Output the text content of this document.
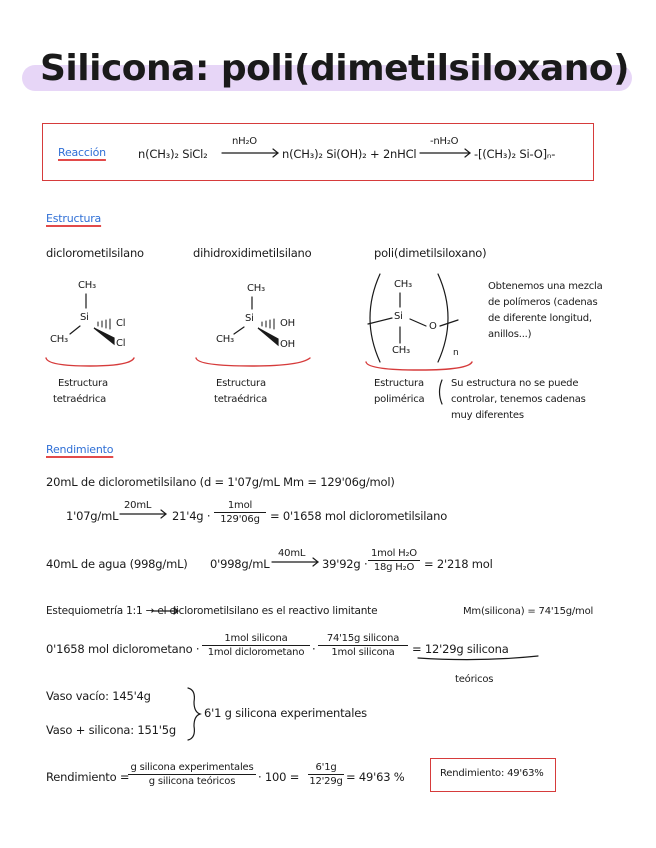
Silicona: poli(dimetilsiloxano)
Reacción	n(CH₃)₂ SiCl₂
nH₂O
n(CH₃)₂ Si(OH)₂ + 2nHCl
-nH₂O
-[(CH₃)₂ Si-O]ₙ-
Estructura
diclorometilsilano	dihidroxidimetilsilano	poli(dimetilsiloxano)
CH₃
Si
Cl
Cl
CH₃
CH₃
Si	OH
OH
CH₃
CH₃
Si
O
CH₃	n
Obtenemos una mezcla
de polímeros (cadenas
de diferente longitud,
anillos...)
Estructura
tetraédrica
Estructura
tetraédrica
Estructura
polimérica
Su estructura no se puede
controlar, tenemos cadenas
muy diferentes
Rendimiento
20mL de diclorometilsilano (d = 1'07g/mL Mm = 129'06g/mol)
1'07g/mL
20mL
21'4g ·
1mol
129'06g = 0'1658 mol diclorometilsilano
40mL de agua (998g/mL) 0'998g/mL
40mL
39'92g ·
1mol H₂O
18g H₂O = 2'218 mol
Estequiometría 1:1 → el diclorometilsilano es el reactivo limitante	Mm(silicona) = 74'15g/mol
0'1658 mol diclorometano ·
1mol silicona
1mol diclorometano ·
74'15g silicona
1mol silicona	= 12'29g silicona
teóricos
Vaso vacío: 145'4g
Vaso + silicona: 151'5g
6'1 g silicona experimentales
Rendimiento =
g silicona experimentales
g silicona teóricos	· $100 = \frac{6'1g}{12'29g} = 49'63$ %	Rendimiento: 49'63%
